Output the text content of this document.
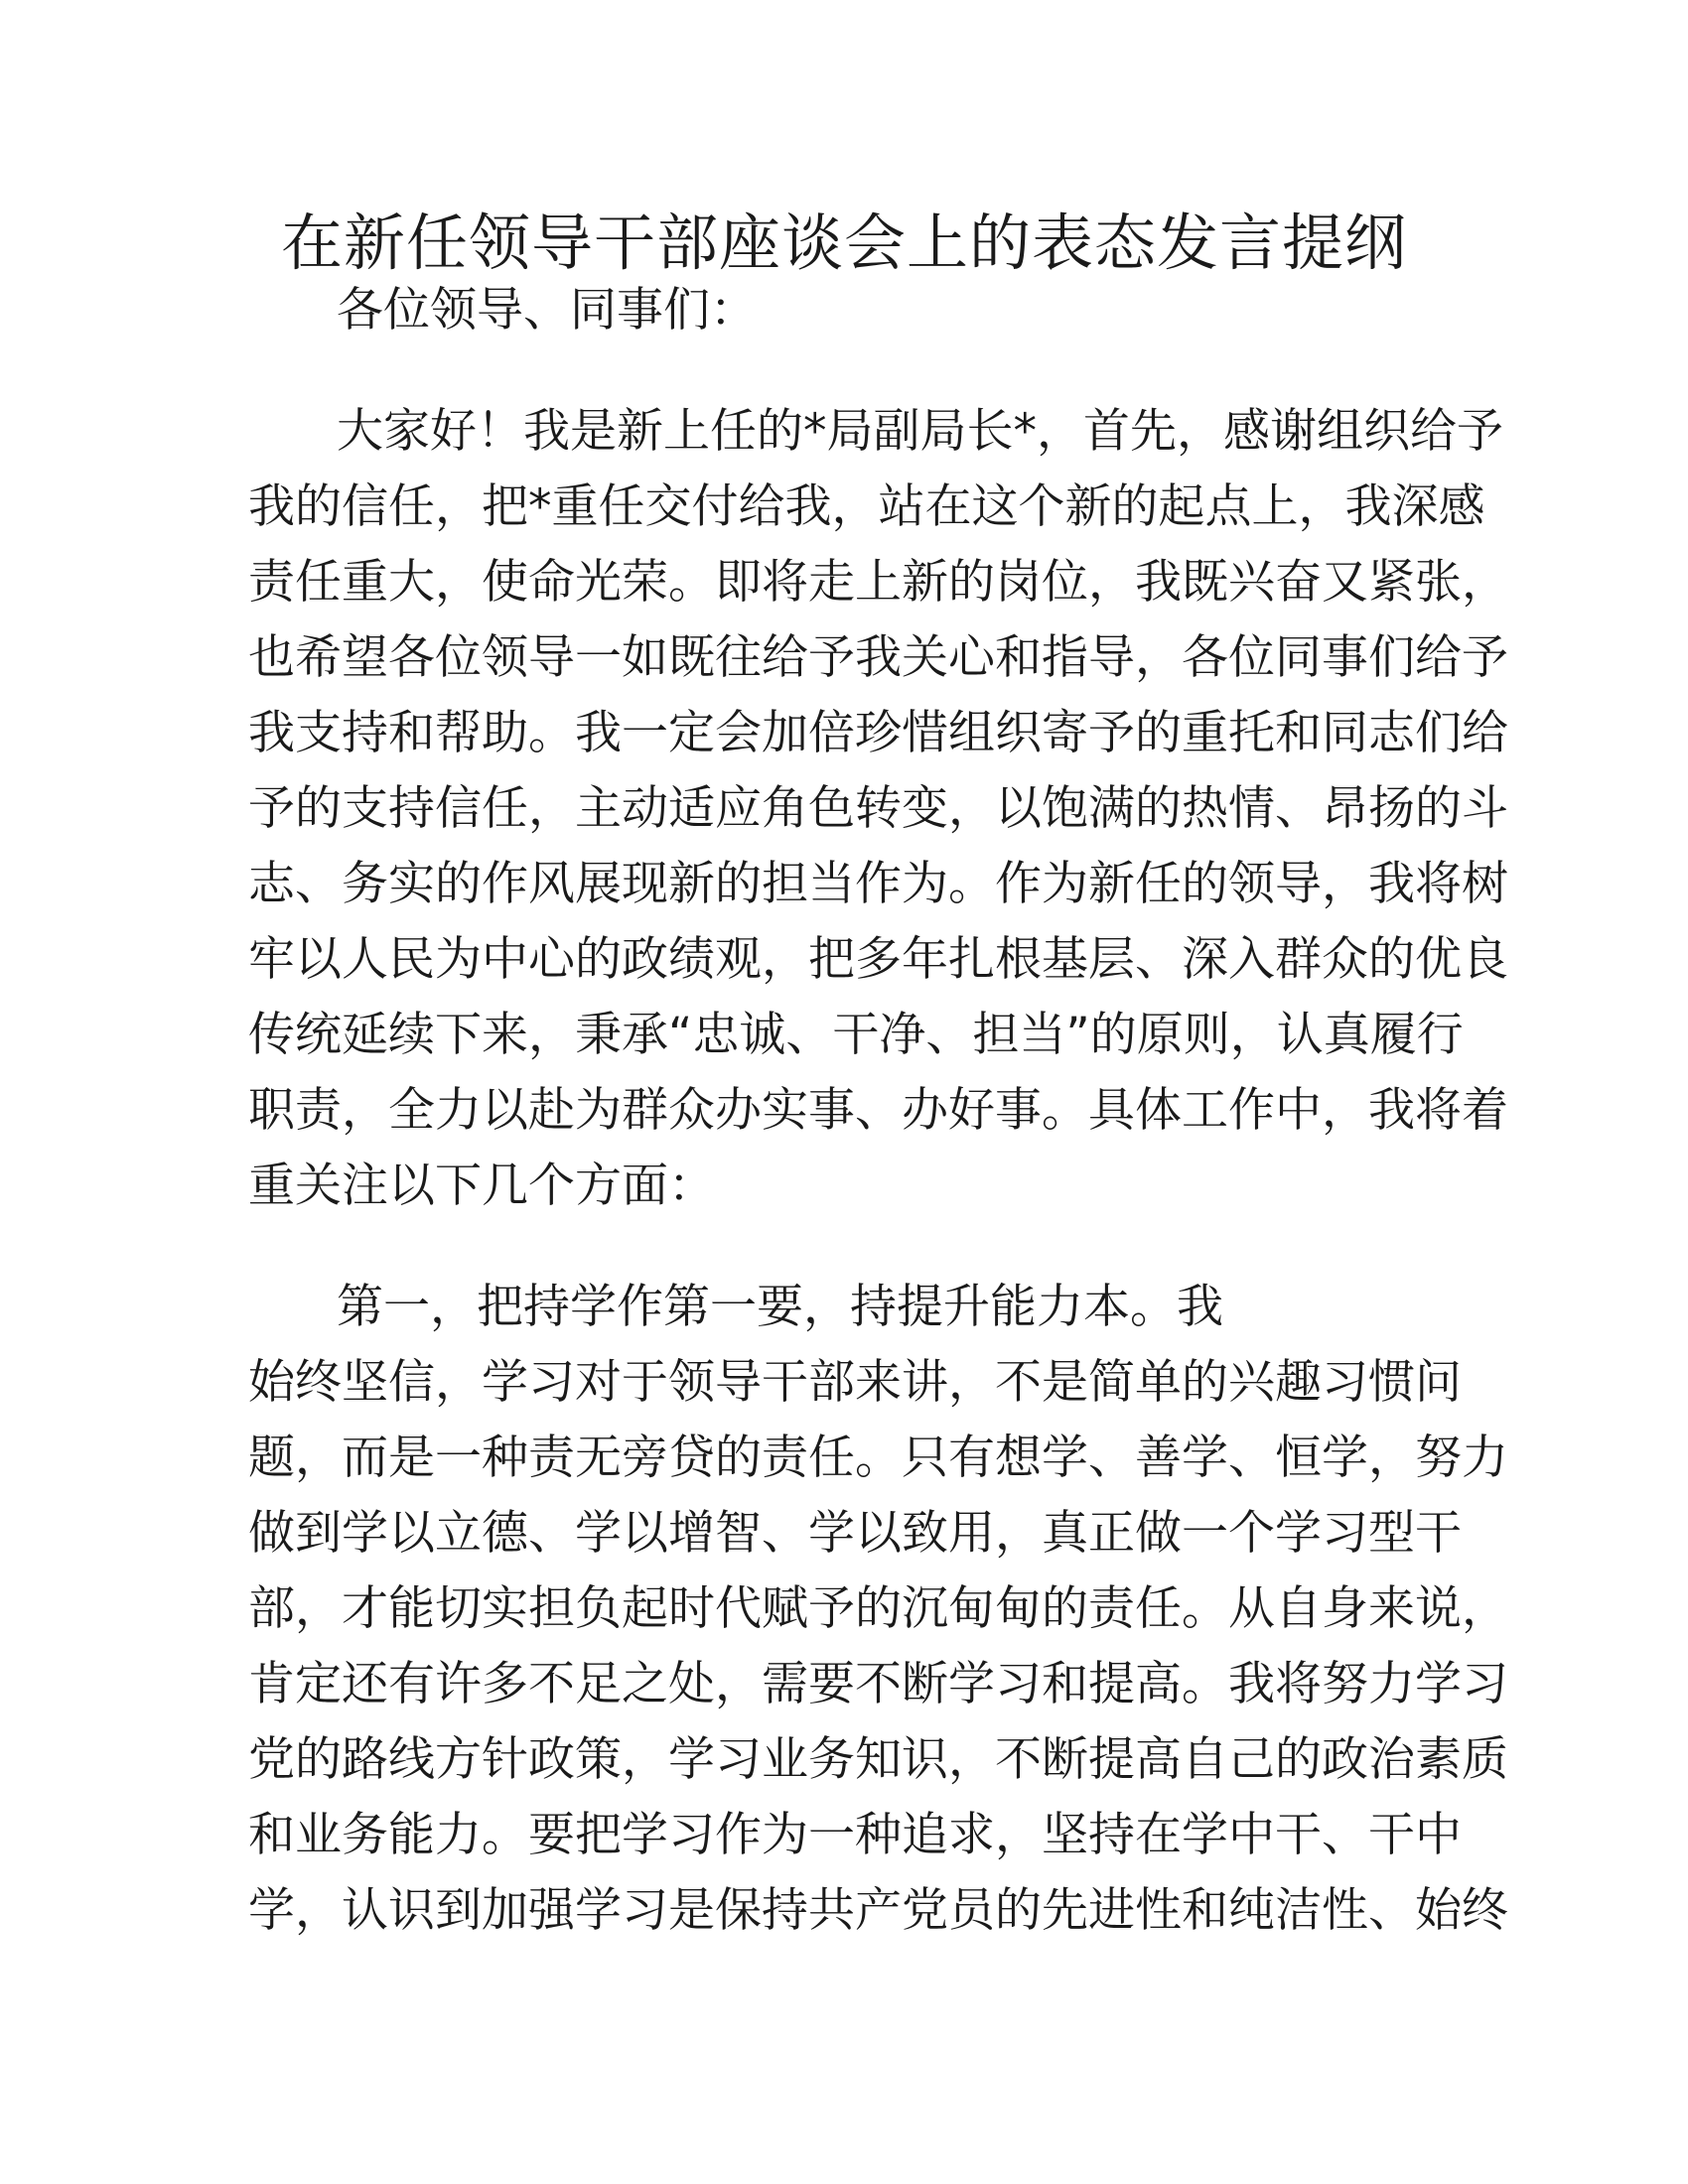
在新任领导干部座谈会上的表态发言提纲
各位领导、同事们：
大家好！我是新上任的*局副局长*，首先，感谢组织给予
我的信任，把*重任交付给我，站在这个新的起点上，我深感
责任重大，使命光荣。即将走上新的岗位，我既兴奋又紧张，
也希望各位领导一如既往给予我关心和指导，各位同事们给予
我支持和帮助。我一定会加倍珍惜组织寄予的重托和同志们给
予的支持信任，主动适应角色转变，以饱满的热情、昂扬的斗
志、务实的作风展现新的担当作为。作为新任的领导，我将树
牢以人民为中心的政绩观，把多年扎根基层、深入群众的优良
传统延续下来，秉承“忠诚、干净、担当”的原则，认真履行
职责，全力以赴为群众办实事、办好事。具体工作中，我将着
重关注以下几个方面：
第一，把持学作第一要，持提升能力本。我
始终坚信，学习对于领导干部来讲，不是简单的兴趣习惯问
题，而是一种责无旁贷的责任。只有想学、善学、恒学，努力
做到学以立德、学以增智、学以致用，真正做一个学习型干
部，才能切实担负起时代赋予的沉甸甸的责任。从自身来说，
肯定还有许多不足之处，需要不断学习和提高。我将努力学习
党的路线方针政策，学习业务知识，不断提高自己的政治素质
和业务能力。要把学习作为一种追求，坚持在学中干、干中
学，认识到加强学习是保持共产党员的先进性和纯洁性、始终
